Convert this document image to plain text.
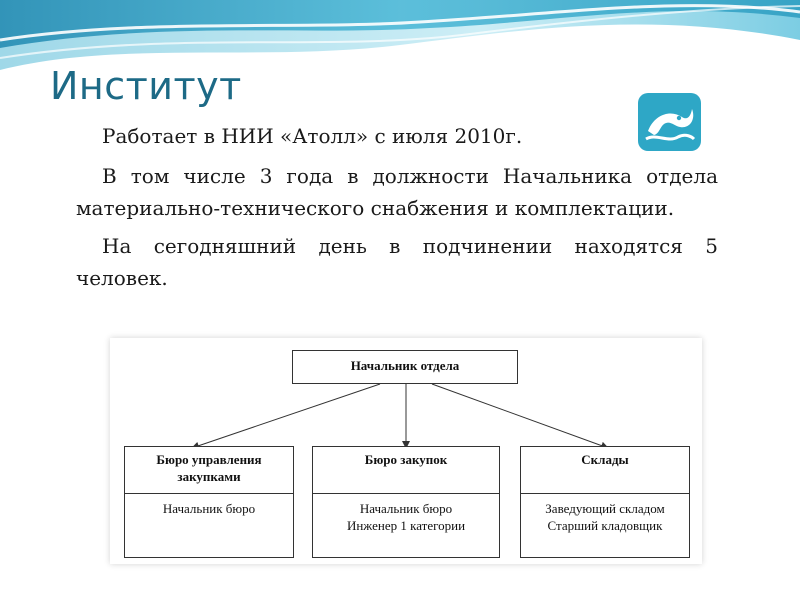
Институт

Работает в НИИ «Атолл» с июля 2010г.

В том числе 3 года в должности Начальника отдела материально-технического снабжения и комплектации.

На сегодняшний день в подчинении находятся 5 человек.

Начальник отдела
Бюро управления закупками
Начальник бюро
Бюро закупок
Начальник бюро
Инженер 1 категории
Склады
Заведующий складом
Старший кладовщик
